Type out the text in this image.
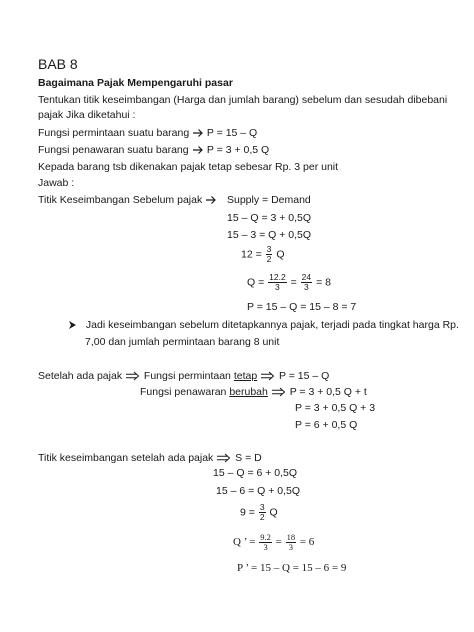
BAB 8
Bagaimana Pajak Mempengaruhi pasar
Tentukan titik keseimbangan (Harga dan jumlah barang) sebelum dan sesudah dibebani
pajak Jika diketahui :
Fungsi permintaan suatu barang	P = 15 – Q
Fungsi penawaran suatu barang	P = 3 + 0,5 Q
Kepada barang tsb dikenakan pajak tetap sebesar Rp. 3 per unit
Jawab :
Titik Keseimbangan Sebelum pajak	Supply = Demand
15 – Q = 3 + 0,5Q
15 – 3 = Q + 0,5Q
$12 = \frac{3}{2}$ Q
$Q = \frac{12.2}{3} = \frac{24}{3} = 8$
P = 15 – Q = 15 – 8 = 7
Jadi keseimbangan sebelum ditetapkannya pajak, terjadi pada tingkat harga Rp.
7,00 dan jumlah permintaan barang 8 unit
Setelah ada pajak Fungsi permintaan tetap P = 15 – Q
Fungsi penawaran berubah P = 3 + 0,5 Q + t
P = 3 + 0,5 Q + 3
P = 6 + 0,5 Q
Titik keseimbangan setelah ada pajak S = D
15 – Q = 6 + 0,5Q
15 – 6 = Q + 0,5Q
$9 = \frac{3}{2}$ Q
Q ’ = $\frac{9.2}{3} = \frac{18}{3} = 6$
P ’ = 15 – Q = 15 – 6 = 9
